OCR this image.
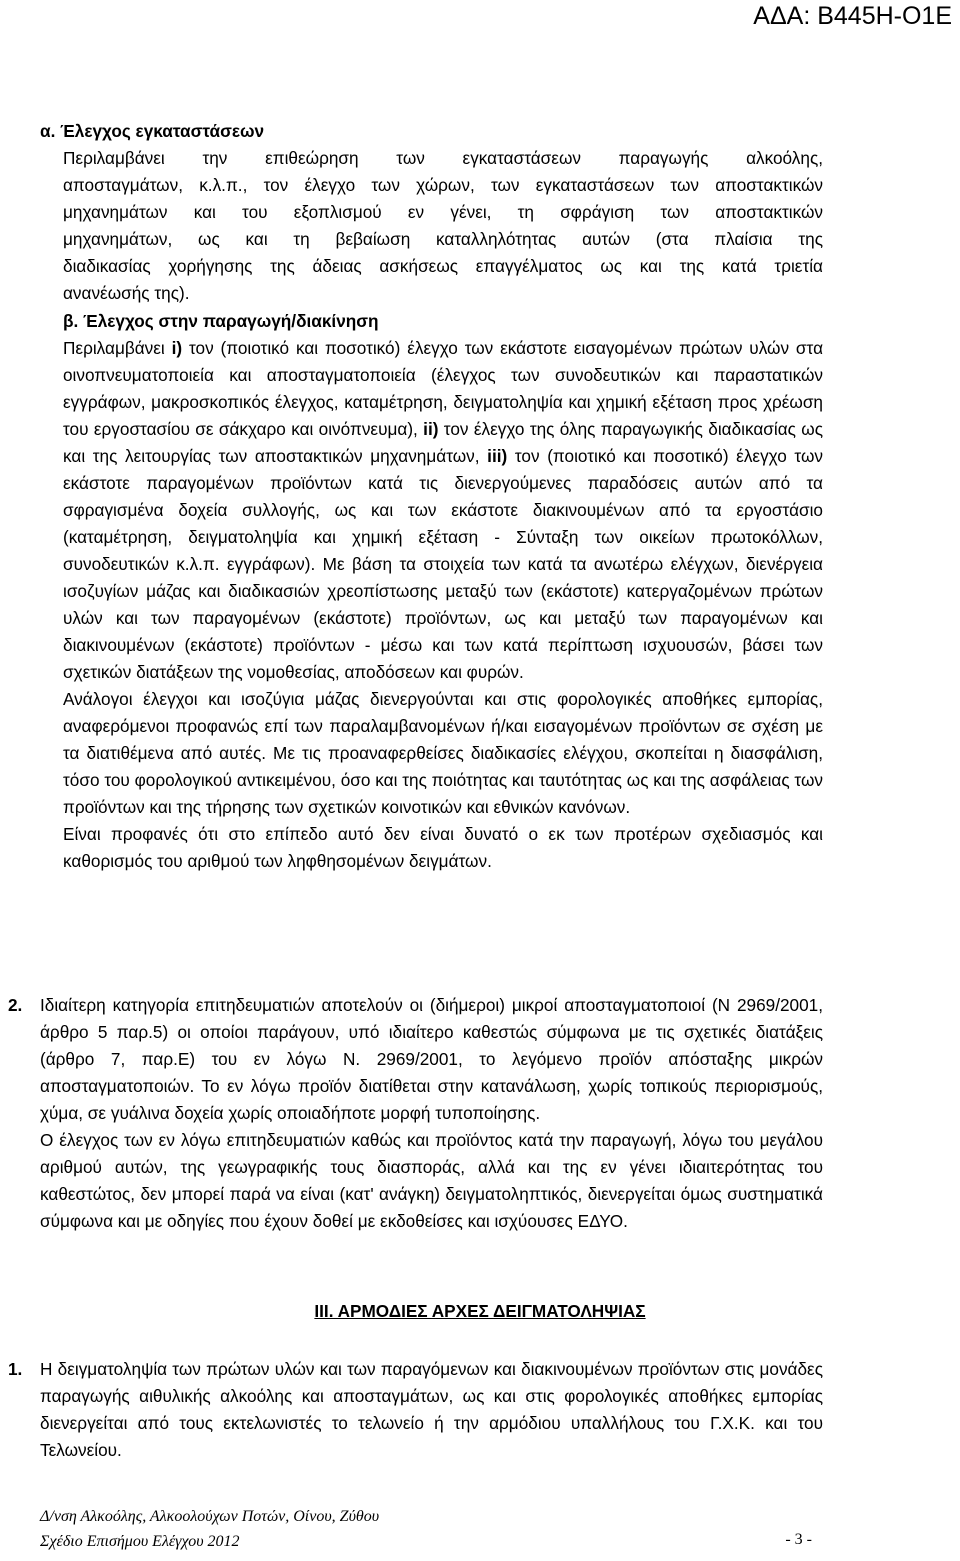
ΑΔΑ: Β445Η-Ο1Ε
α. Έλεγχος εγκαταστάσεων
Περιλαμβάνει την επιθεώρηση των εγκαταστάσεων παραγωγής αλκοόλης,
αποσταγμάτων, κ.λ.π., τον έλεγχο των χώρων, των εγκαταστάσεων των αποστακτικών
μηχανημάτων και του εξοπλισμού εν γένει, τη σφράγιση των αποστακτικών
μηχανημάτων, ως και τη βεβαίωση καταλληλότητας αυτών (στα πλαίσια της
διαδικασίας χορήγησης της άδειας ασκήσεως επαγγέλματος ως και της κατά τριετία
ανανέωσής της).
β. Έλεγχος στην παραγωγή/διακίνηση

Περιλαμβάνει i) τον (ποιοτικό και ποσοτικό) έλεγχο των εκάστοτε εισαγομένων πρώτων υλών στα οινοπνευματοποιεία και αποσταγματοποιεία (έλεγχος των συνοδευτικών και παραστατικών εγγράφων, μακροσκοπικός έλεγχος, καταμέτρηση, δειγματοληψία και χημική εξέταση προς χρέωση του εργοστασίου σε σάκχαρο και οινόπνευμα), ii) τον έλεγχο της όλης παραγωγικής διαδικασίας ως και της λειτουργίας των αποστακτικών μηχανημάτων, iii) τον (ποιοτικό και ποσοτικό) έλεγχο των εκάστοτε παραγομένων προϊόντων κατά τις διενεργούμενες παραδόσεις αυτών από τα σφραγισμένα δοχεία συλλογής, ως και των εκάστοτε διακινουμένων από τα εργοστάσιο (καταμέτρηση, δειγματοληψία και χημική εξέταση - Σύνταξη των οικείων πρωτοκόλλων, συνοδευτικών κ.λ.π. εγγράφων). Με βάση τα στοιχεία των κατά τα ανωτέρω ελέγχων, διενέργεια ισοζυγίων μάζας και διαδικασιών χρεοπίστωσης μεταξύ των (εκάστοτε) κατεργαζομένων πρώτων υλών και των παραγομένων (εκάστοτε) προϊόντων, ως και μεταξύ των παραγομένων και διακινουμένων (εκάστοτε) προϊόντων - μέσω και των κατά περίπτωση ισχυουσών, βάσει των σχετικών διατάξεων της νομοθεσίας, αποδόσεων και φυρών.

Ανάλογοι έλεγχοι και ισοζύγια μάζας διενεργούνται και στις φορολογικές αποθήκες εμπορίας, αναφερόμενοι προφανώς επί των παραλαμβανομένων ή/και εισαγομένων προϊόντων σε σχέση με τα διατιθέμενα από αυτές. Με τις προαναφερθείσες διαδικασίες ελέγχου, σκοπείται η διασφάλιση, τόσο του φορολογικού αντικειμένου, όσο και της ποιότητας και ταυτότητας ως και της ασφάλειας των προϊόντων και της τήρησης των σχετικών κοινοτικών και εθνικών κανόνων.

Είναι προφανές ότι στο επίπεδο αυτό δεν είναι δυνατό ο εκ των προτέρων σχεδιασμός και καθορισμός του αριθμού των ληφθησομένων δειγμάτων.

2. Ιδιαίτερη κατηγορία επιτηδευματιών αποτελούν οι (διήμεροι) μικροί αποσταγματοποιοί (Ν 2969/2001, άρθρο 5 παρ.5) οι οποίοι παράγουν, υπό ιδιαίτερο καθεστώς σύμφωνα με τις σχετικές διατάξεις (άρθρο 7, παρ.Ε) του εν λόγω Ν. 2969/2001, το λεγόμενο προϊόν απόσταξης μικρών αποσταγματοποιών. Το εν λόγω προϊόν διατίθεται στην κατανάλωση, χωρίς τοπικούς περιορισμούς, χύμα, σε γυάλινα δοχεία χωρίς οποιαδήποτε μορφή τυποποίησης.

Ο έλεγχος των εν λόγω επιτηδευματιών καθώς και προϊόντος κατά την παραγωγή, λόγω του μεγάλου αριθμού αυτών, της γεωγραφικής τους διασποράς, αλλά και της εν γένει ιδιαιτερότητας του καθεστώτος, δεν μπορεί παρά να είναι (κατ' ανάγκη) δειγματοληπτικός, διενεργείται όμως συστηματικά σύμφωνα και με οδηγίες που έχουν δοθεί με εκδοθείσες και ισχύουσες ΕΔΥΟ.

ΙΙΙ. ΑΡΜΟΔΙΕΣ ΑΡΧΕΣ ΔΕΙΓΜΑΤΟΛΗΨΙΑΣ
1. Η δειγματοληψία των πρώτων υλών και των παραγόμενων και διακινουμένων προϊόντων στις μονάδες παραγωγής αιθυλικής αλκοόλης και αποσταγμάτων, ως και στις φορολογικές αποθήκες εμπορίας διενεργείται από τους εκτελωνιστές το τελωνείο ή την αρμόδιου υπαλλήλους του Γ.Χ.Κ. και του Τελωνείου.

Δ/νση Αλκοόλης, Αλκοολούχων Ποτών, Οίνου, Ζύθου
Σχέδιο Επισήμου Ελέγχου 2012	- 3 -
